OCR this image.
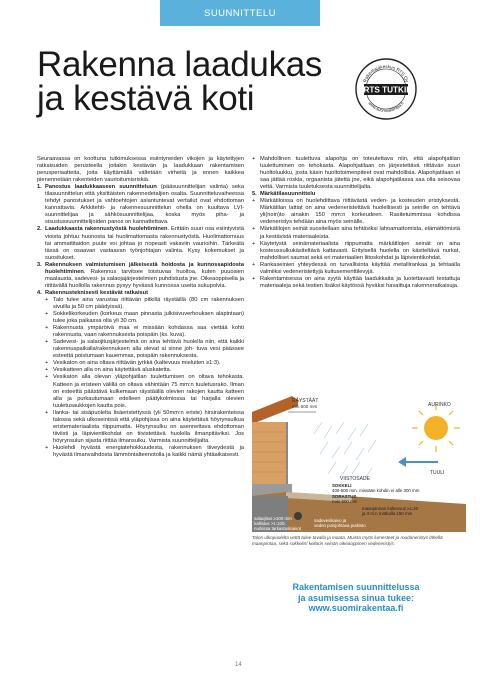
SUUNNITTELU
Rakenna laadukas
ja kestävä koti	Rakentajakeskus RTS Oy
RTS TUTKII
www.suomirakentaa.fi

Seuraavassa on koottuna tutkimuksessa esiintyneiden vikojen ja käytettyjen ratkaisuiden perusteella joitakin kestävän ja laadukkaan rakentamisen perusperiaatteita, joita käyttämällä vältetään virheitä ja ennen kaikkea pienennetään rakenteiden vaurioitumisriskiä.

1. Panostus laadukkaaseen suunnitteluun (pääsuunnittelijan valinta) seka tilasuunnittelun että yksittäisten rakennedetaljien osalta. Suunnitteluvaiheessa tehdyt panostukset ja vahtoehtojen asiantuntevat vertailut ovat ehdottoman kannattavia. Arkkitehti- ja rakennesuunnittelun ohella on kuultava LVI-suunnittelijaa ja sähkösuunnittelijaa, koska myös piha- ja sisustussuunnittelijoiden panos on kannattettava.
2. Laadukkaasta rakennustyöstä huolehtiminen. Erittäin suuri osa esiintyvistä vioista johtuu huonosta tai huolimattomasta rakennustyöstä. Huolimattomuus tai ammattitaidon puute voi johtaa jo nopeasti vakaviin vaurioihin. Tärkeätä tässä on osaavan vastaavan työnjohtajan valinta. Kysy kokemukset ja suositukset.
3. Rakennuksen valmistumisen jälkeisestä hoidosta ja kunnossapidosta huolehtiminen. Rakennus tarvitsee toistuvaa huoltoa, kuten puuosien maalausta, sadevesi- ja salaojajärjestelmien puhdistusta jne. Oikeaoppisella ja riittävällä huollolla rakennus pysyy hyvässä kunnossa useita sukupolvia.
4. Rakennusteknisesti kestävät ratkaisut
+ Talo tulee aina varustaa riittävän pitkillä räystäillä (80 cm rakennuksen sivuilla ja 50 cm päädyissä).
+ Sokkelikorkeuden (korkeus maan pinnasta julkisivuverhouksen alapintaan) tulee joka paikassa olla yli 30 cm.
+ Rakennusta ympäröivä maa ei missään kohdassa saa viettää kohti rakennusta, vaan rakennuksesta poispäin (ks. kuva).
+ Sadevesi- ja salaojitusjärjestelmä on aina tehtävä huolella niin, että kaikki rakennuspaikalla/rakennuksen alla olevat ai sinne joh- tuva vesi päässee esteettä poistumaan kauemmas, poispäin rakennuksesta.
+ Vesikaton on aina oltava riittävän jyrkkä (kaltevuus mieluiten ≥1:3).
+ Vesikatteen alla on aina käytettävä aluskatetta.
+ Vesikaton alla olevan yläpohjatilan tuulettumisen on oltava tehokasta. Katteen ja eristeen välillä on oltava vähintään 75 mm:n tuuletusrako. Ilman on esteettä päästävä kulkemaan räystäällä olevien rakojen kautta katteen alla ja purkautumaan edelleen päätykolmiossa tai harjalla olevien tuuletusaukkojen kautta pois.
+ Ilanka- tai sisäpuolelta lisäeristettyssä (yli 50mm:n eriste) hirsirakenteissa talossa sekä ulkoseinissä että yläpohjissa on aina käytettävä höyrynsulkua eristemateriaalista riippumatta. Höyrynsulku on asennettava ehdottoman tiiviisti ja läpivientikohdat on tiivistettävä huolella ilmanpitäviksi. Jos höyrynsulun sijasta riittää ilmansulku. Varmista suunnittelijalta.
+ Huolehdi hyvästä energiatehokkuudesta, rakennuksen tiiveydestä ja hyvästä ilmanvaihdosta lämmöntalteenotolla ja kaikki nämä yhtäaikaisesti.
+ Mahdollinen tuulettuva alapohja on toteutettava niin, että alapohjatilan tuulettuminen on tehokasta. Alapohjatilaan on järjestettävä riittävän suuri huoltoluukku, josta käsin huoltotoimenpiteet ovat mahdollisia. Alapohjatilaan ei saa jättää roskia, orgaanista jätettä jne, eikä alapohjatilassa saa olla seisovaa vettä. Varmista tuuletuksesta suunnittelijalta.
5. Märkätilasuunnittelu
+ Märkätiloissa on huolehdittava riittävästä veden- ja kosteuden eristyksestä. Märkätilan lattiat on aina vedeneristettävä huolellisesti ja seinille on tehtävä yli(noin)to ainakin 150 mm:n korkeudeen. Rasitetuimmissa kohdissa vedeneristys tehdään aina myös seinälle.
+ Märkätilojen seinät suositellaan aina tehtäviksi lahoamattomista, elämättömistä ja kestävistä materiaaleista.
+ Käytetystä seinämateriaalista riippumatta märkätilojen seinät on aina kosteussulkukäsiteltävä kattavasti. Erityisellä huolella on käsiteltävä nurkat, mahdolliset saumat sekä eri materiaalien liitoskohdat ja läpivientikohdat.
+ Rankaseinien yhteydessä on turvallisinta käyttää metallirankaa ja tehtaalla valmiiksi vedeneristettyjä kuitusementtilevyjä.
+ Rakentamisessa on aina syytä käyttää laadukkaita ja luotettavasti testattuja materiaaleja sekä testien lisäksi käytössä hyväksi havaittuja rakenneratkaisuja.
AURINKO
TUULI
RÄYSTÄÄT
min 600 mm
VIISTOSADE
SOKKELI
400-500 mm, missään kohdin ei alle 300 mm
SORASTUS
noin 600 mm
maanpinnan kaltevuus ≥1:20
ja 3 m:n matkalla 150 mm
salaojitus ≥100 mm
kallistus >1:100,
nurkissa tarkastuskaivot
sadevesikaivo ja
veden poisjohtava putkisto
Talon ulkopuolelta vettä tulee tavalla ja maata. Muista myös lumesteet ja roudaneristys lähellä maanpintaa, sekä sokkelin/ kellarin seinän oikeaoppinen vedeneristys.
Rakentamisen suunnittelussa
ja asumisessa sinua tukee:
www.suomirakentaa.fi
14
